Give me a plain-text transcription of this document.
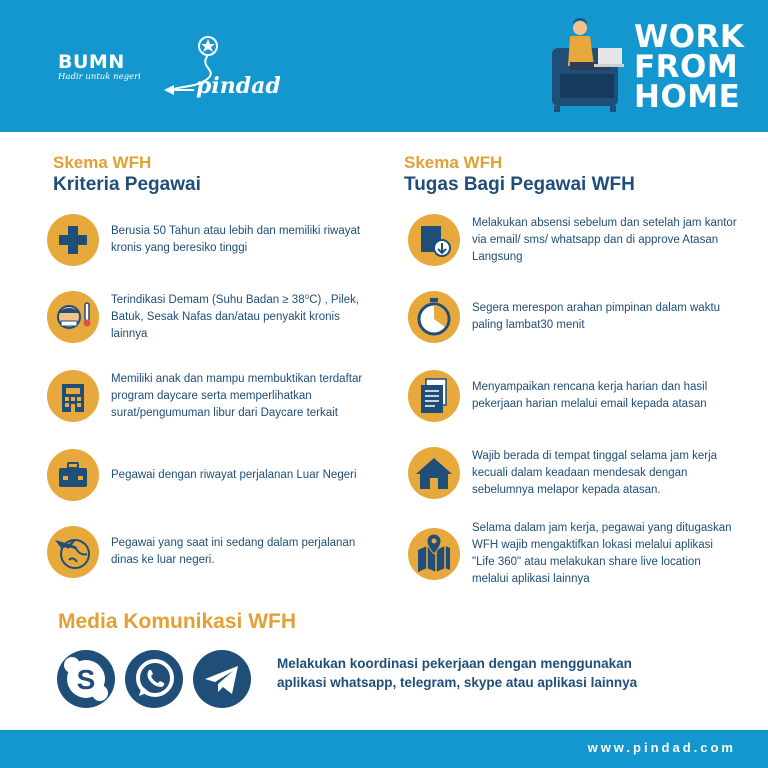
BUMN
Hadir untuk negeri	pindad
WORK
FROM
HOME
Skema WFH
Kriteria Pegawai
Berusia 50 Tahun atau lebih dan memiliki riwayat kronis yang beresiko tinggi
Terindikasi Demam (Suhu Badan ≥ 38⁰C) , Pilek, Batuk, Sesak Nafas dan/atau penyakit kronis lainnya
Memiliki anak dan mampu membuktikan terdaftar program daycare serta memperlihatkan surat/pengumuman libur dari Daycare terkait
Pegawai dengan riwayat perjalanan Luar Negeri
Pegawai yang saat ini sedang dalam perjalanan dinas ke luar negeri.
Skema WFH
Tugas Bagi Pegawai WFH
Melakukan absensi sebelum dan setelah jam kantor via email/ sms/ whatsapp dan di approve Atasan Langsung
Segera merespon arahan pimpinan dalam waktu paling lambat30 menit
Menyampaikan rencana kerja harian dan hasil pekerjaan harian melalui email kepada atasan
Wajib berada di tempat tinggal selama jam kerja kecuali dalam keadaan mendesak dengan sebelumnya melapor kepada atasan.
Selama dalam jam kerja, pegawai yang ditugaskan WFH wajib mengaktifkan lokasi melalui aplikasi "Life 360" atau melakukan share live location melalui aplikasi lainnya
Media Komunikasi WFH
S
Melakukan koordinasi pekerjaan dengan menggunakan aplikasi whatsapp, telegram, skype atau aplikasi lainnya
www.pindad.com
